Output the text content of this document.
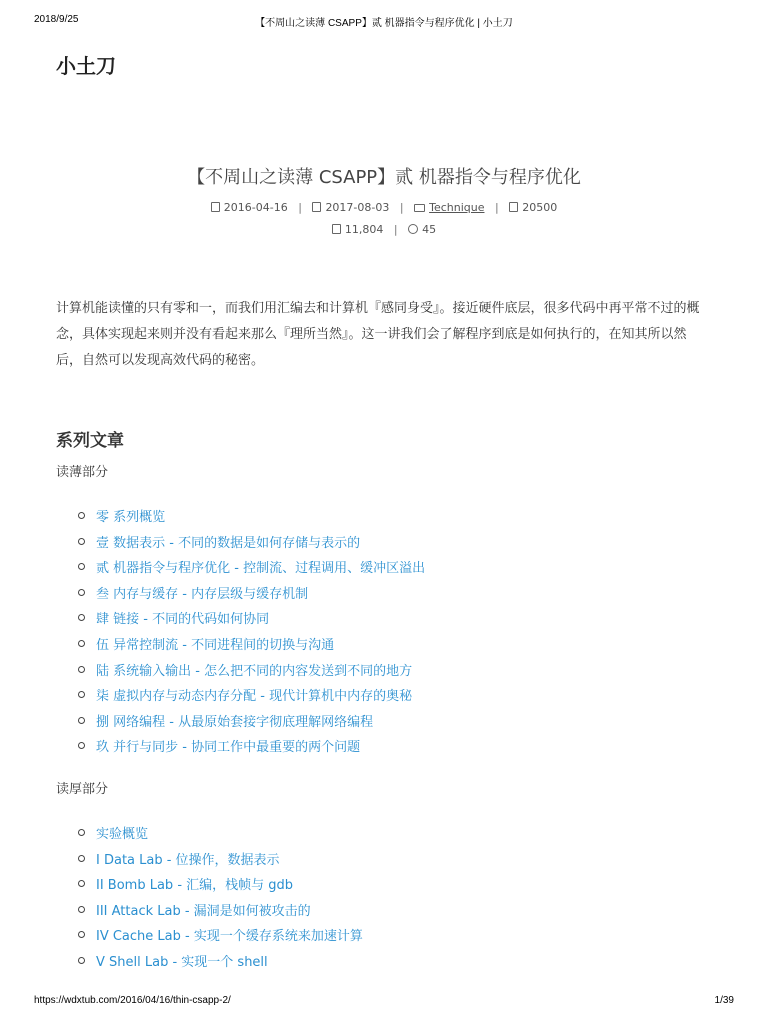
2018/9/25	【不周山之读薄 CSAPP】贰 机器指令与程序优化 | 小土刀
小土刀
【不周山之读薄 CSAPP】贰 机器指令与程序优化
2016-04-16 | 2017-08-03 | Technique | 20500
11,804 | 45

计算机能读懂的只有零和一，而我们用汇编去和计算机『感同身受』。接近硬件底层，很多代码中再平常不过的概念，具体实现起来则并没有看起来那么『理所当然』。这一讲我们会了解程序到底是如何执行的，在知其所以然后，自然可以发现高效代码的秘密。

系列文章

读薄部分

零 系列概览
壹 数据表示 - 不同的数据是如何存储与表示的
贰 机器指令与程序优化 - 控制流、过程调用、缓冲区溢出
叁 内存与缓存 - 内存层级与缓存机制
肆 链接 - 不同的代码如何协同
伍 异常控制流 - 不同进程间的切换与沟通
陆 系统输入输出 - 怎么把不同的内容发送到不同的地方
柒 虚拟内存与动态内存分配 - 现代计算机中内存的奥秘
捌 网络编程 - 从最原始套接字彻底理解网络编程
玖 并行与同步 - 协同工作中最重要的两个问题

读厚部分

实验概览
I Data Lab - 位操作，数据表示
II Bomb Lab - 汇编，栈帧与 gdb
III Attack Lab - 漏洞是如何被攻击的
IV Cache Lab - 实现一个缓存系统来加速计算
V Shell Lab - 实现一个 shell
https://wdxtub.com/2016/04/16/thin-csapp-2/	1/39
